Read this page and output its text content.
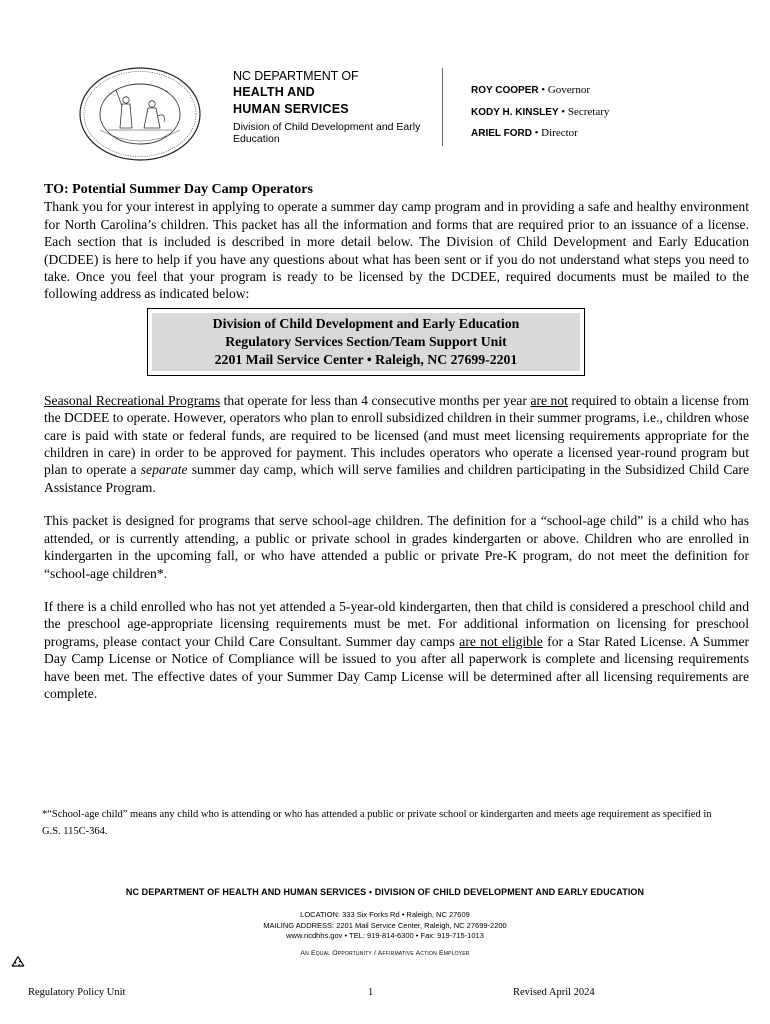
NC DEPARTMENT OF
HEALTH AND
HUMAN SERVICES
Division of Child Development and Early Education
ROY COOPER • Governor
KODY H. KINSLEY • Secretary
ARIEL FORD • Director
TO: Potential Summer Day Camp Operators

Thank you for your interest in applying to operate a summer day camp program and in providing a safe and healthy environment for North Carolina’s children. This packet has all the information and forms that are required prior to an issuance of a license. Each section that is included is described in more detail below. The Division of Child Development and Early Education (DCDEE) is here to help if you have any questions about what has been sent or if you do not understand what steps you need to take. Once you feel that your program is ready to be licensed by the DCDEE, required documents must be mailed to the following address as indicated below:

Division of Child Development and Early Education
Regulatory Services Section/Team Support Unit
2201 Mail Service Center • Raleigh, NC 27699-2201

Seasonal Recreational Programs that operate for less than 4 consecutive months per year are not required to obtain a license from the DCDEE to operate. However, operators who plan to enroll subsidized children in their summer programs, i.e., children whose care is paid with state or federal funds, are required to be licensed (and must meet licensing requirements appropriate for the children in care) in order to be approved for payment. This includes operators who operate a licensed year-round program but plan to operate a separate summer day camp, which will serve families and children participating in the Subsidized Child Care Assistance Program.

This packet is designed for programs that serve school-age children. The definition for a “school-age child” is a child who has attended, or is currently attending, a public or private school in grades kindergarten or above. Children who are enrolled in kindergarten in the upcoming fall, or who have attended a public or private Pre-K program, do not meet the definition for “school-age children*.

If there is a child enrolled who has not yet attended a 5-year-old kindergarten, then that child is considered a preschool child and the preschool age-appropriate licensing requirements must be met. For additional information on licensing for preschool programs, please contact your Child Care Consultant. Summer day camps are not eligible for a Star Rated License. A Summer Day Camp License or Notice of Compliance will be issued to you after all paperwork is complete and licensing requirements have been met. The effective dates of your Summer Day Camp License will be determined after all licensing requirements are complete.

*“School-age child” means any child who is attending or who has attended a public or private school or kindergarten and meets age requirement as specified in G.S. 115C-364.
NC DEPARTMENT OF HEALTH AND HUMAN SERVICES • DIVISION OF CHILD DEVELOPMENT AND EARLY EDUCATION
LOCATION: 333 Six Forks Rd • Raleigh, NC 27609
MAILING ADDRESS: 2201 Mail Service Center, Raleigh, NC 27699-2200
www.ncdhhs.gov • TEL: 919-814-6300 • Fax: 919-715-1013
An Equal Opportunity / Affirmative Action Employer
Regulatory Policy Unit	1	Revised April 2024
